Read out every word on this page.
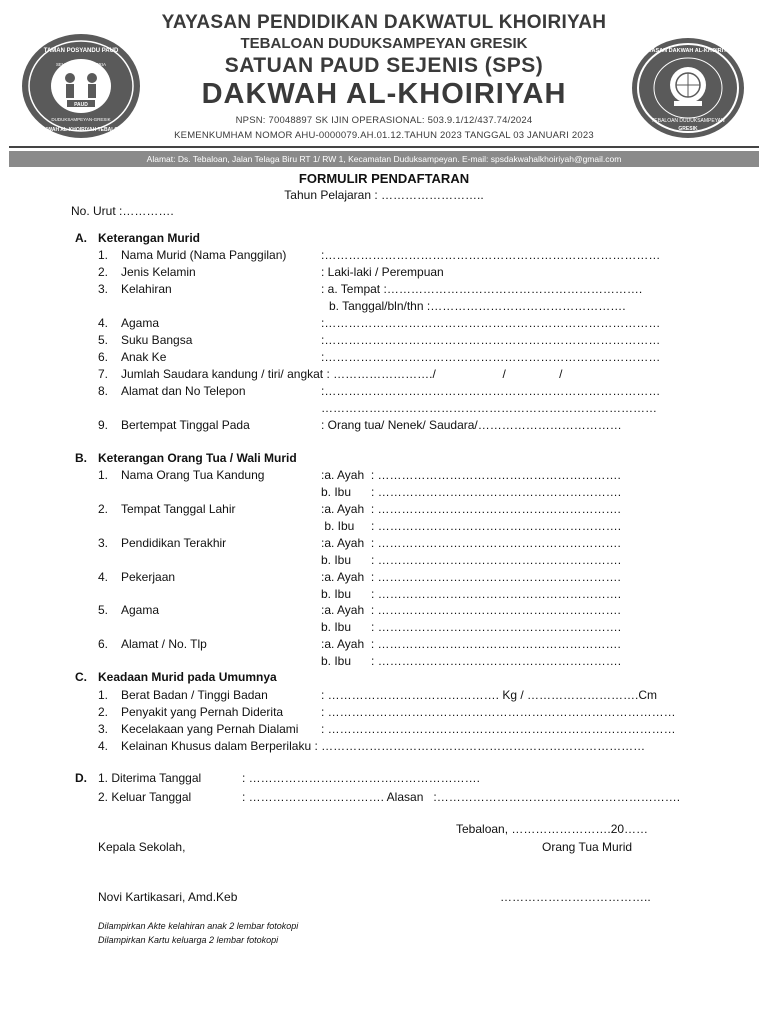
YAYASAN PENDIDIKAN DAKWATUL KHOIRIYAH
TEBALOAN DUDUKSAMPEYAN GRESIK
SATUAN PAUD SEJENIS (SPS)
DAKWAH AL-KHOIRIYAH
NPSN: 70048897 SK IJIN OPERASIONAL: 503.9.1/12/437.74/2024
KEMENKUMHAM NOMOR AHU-0000079.AH.01.12.TAHUN 2023 TANGGAL 03 JANUARI 2023
Alamat: Ds. Tebaloan, Jalan Telaga Biru RT 1/ RW 1, Kecamatan Duduksampeyan. E-mail: spsdakwahalkhoiriyah@gmail.com
PAUD
TAMAN POSYANDU PAUD
SEHAT-CERDAS-CERIA
DUDUKSAMPEYAN-GRESIK
DAKWAH AL-KHOIRIYAH TEBALOAN
YAYASAN DAKWAH AL-KHOIRIYAH
TEBALOAN DUDUKSAMPEYAN
GRESIK
FORMULIR PENDAFTARAN
Tahun Pelajaran : ……………………..
No. Urut :………….
A. Keterangan Murid
1. Nama Murid (Nama Panggilan)	:…………………………………………………………………………
2. Jenis Kelamin	: Laki-laki / Perempuan
3. Kelahiran	: a. Tempat :……………………………………………………….
b. Tanggal/bln/thn :………………………………………….
4. Agama	:…………………………………………………………………………
5. Suku Bangsa	:…………………………………………………………………………
6. Anak Ke	:…………………………………………………………………………
7. Jumlah Saudara kandung / tiri/ angkat : ……………………./                    /                /
8. Alamat dan No Telepon	:…………………………………………………………………………
…………………………………………………………………………
9. Bertempat Tinggal Pada	: Orang tua/ Nenek/ Saudara/………………………………
B. Keterangan Orang Tua / Wali Murid
1. Nama Orang Tua Kandung	:a. Ayah  : …………………………………………………….
b. Ibu      : …………………………………………………….
2. Tempat Tanggal Lahir	:a. Ayah  : …………………………………………………….
b. Ibu     : …………………………………………………….
3. Pendidikan Terakhir	:a. Ayah  : …………………………………………………….
b. Ibu      : …………………………………………………….
4. Pekerjaan	:a. Ayah  : …………………………………………………….
b. Ibu      : …………………………………………………….
5. Agama	:a. Ayah  : …………………………………………………….
b. Ibu      : …………………………………………………….
6. Alamat / No. Tlp	:a. Ayah  : …………………………………………………….
b. Ibu      : …………………………………………………….
C. Keadaan Murid pada Umumnya
1. Berat Badan / Tinggi Badan	: ……………………………………. Kg / ……………………….Cm
2. Penyakit yang Pernah Diderita	: ……………………………………………………………………………
3. Kecelakaan yang Pernah Dialami : ……………………………………………………………………………
4. Kelainan Khusus dalam Berperilaku : ………………………………………………………………………
D. 1. Diterima Tanggal	: ………………………………………………….
2. Keluar Tanggal	: ……………………………. Alasan   :…………………………………………………….
Tebaloan, …………………….20……
Kepala Sekolah,	Orang Tua Murid
Novi Kartikasari, Amd.Keb	………………………………..
Dilampirkan Akte kelahiran anak 2 lembar fotokopi
Dilampirkan Kartu keluarga 2 lembar fotokopi
